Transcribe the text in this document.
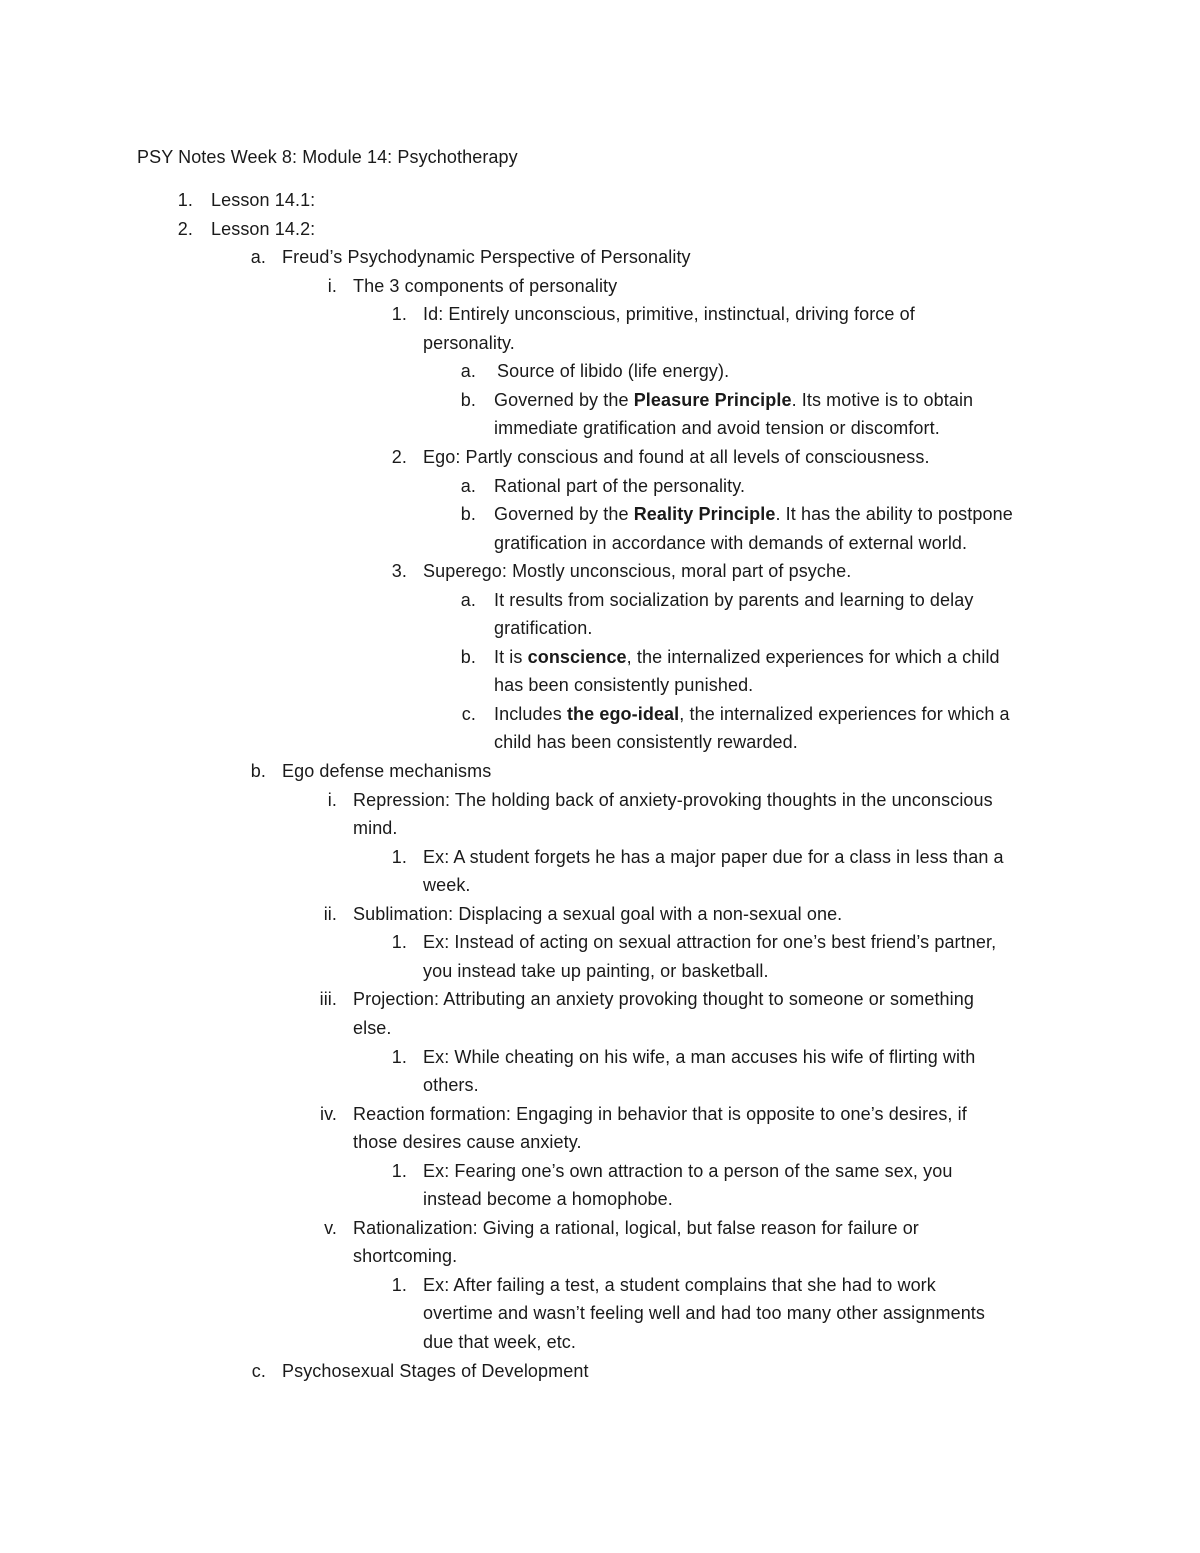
PSY Notes Week 8: Module 14: Psychotherapy
1. Lesson 14.1:
2. Lesson 14.2:
a. Freud’s Psychodynamic Perspective of Personality
i. The 3 components of personality
1. Id: Entirely unconscious, primitive, instinctual, driving force of
personality.
a. Source of libido (life energy).
b. Governed by the Pleasure Principle. Its motive is to obtain
immediate gratification and avoid tension or discomfort.
2. Ego: Partly conscious and found at all levels of consciousness.
a. Rational part of the personality.
b. Governed by the Reality Principle. It has the ability to postpone
gratification in accordance with demands of external world.
3. Superego: Mostly unconscious, moral part of psyche.
a. It results from socialization by parents and learning to delay
gratification.
b. It is conscience, the internalized experiences for which a child
has been consistently punished.
c. Includes the ego-ideal, the internalized experiences for which a
child has been consistently rewarded.
b. Ego defense mechanisms
i. Repression: The holding back of anxiety-provoking thoughts in the unconscious
mind.
1. Ex: A student forgets he has a major paper due for a class in less than a
week.
ii. Sublimation: Displacing a sexual goal with a non-sexual one.
1. Ex: Instead of acting on sexual attraction for one’s best friend’s partner,
you instead take up painting, or basketball.
iii. Projection: Attributing an anxiety provoking thought to someone or something
else.
1. Ex: While cheating on his wife, a man accuses his wife of flirting with
others.
iv. Reaction formation: Engaging in behavior that is opposite to one’s desires, if
those desires cause anxiety.
1. Ex: Fearing one’s own attraction to a person of the same sex, you
instead become a homophobe.
v. Rationalization: Giving a rational, logical, but false reason for failure or
shortcoming.
1. Ex: After failing a test, a student complains that she had to work
overtime and wasn’t feeling well and had too many other assignments
due that week, etc.
c. Psychosexual Stages of Development
